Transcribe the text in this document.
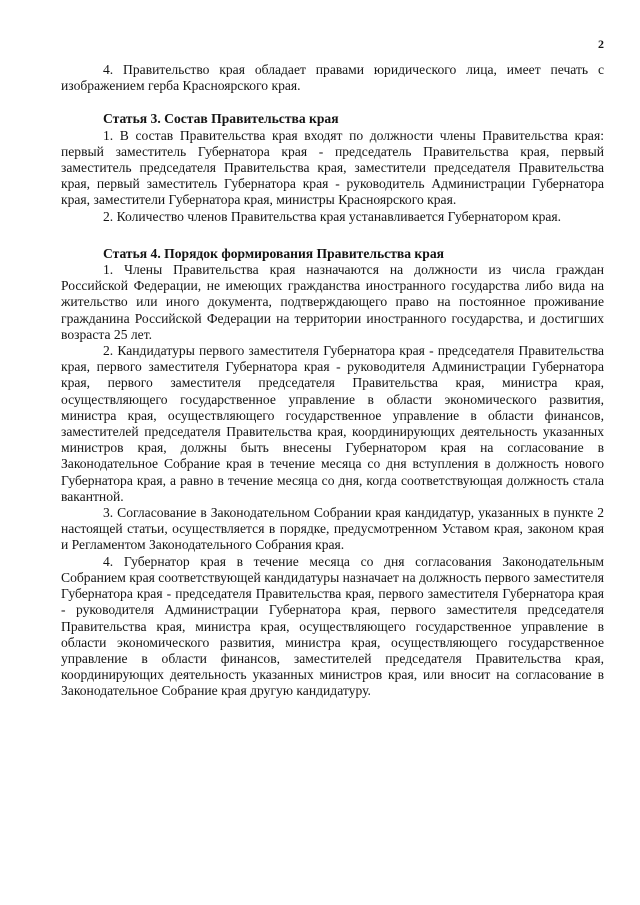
2

4. Правительство края обладает правами юридического лица, имеет печать с изображением герба Красноярского края.

Статья 3. Состав Правительства края

1. В состав Правительства края входят по должности члены Правительства края: первый заместитель Губернатора края - председатель Правительства края, первый заместитель председателя Правительства края, заместители председателя Правительства края, первый заместитель Губернатора края - руководитель Администрации Губернатора края, заместители Губернатора края, министры Красноярского края.

2. Количество членов Правительства края устанавливается Губернатором края.

Статья 4. Порядок формирования Правительства края

1. Члены Правительства края назначаются на должности из числа граждан Российской Федерации, не имеющих гражданства иностранного государства либо вида на жительство или иного документа, подтверждающего право на постоянное проживание гражданина Российской Федерации на территории иностранного государства, и достигших возраста 25 лет.

2. Кандидатуры первого заместителя Губернатора края - председателя Правительства края, первого заместителя Губернатора края - руководителя Администрации Губернатора края, первого заместителя председателя Правительства края, министра края, осуществляющего государственное управление в области экономического развития, министра края, осуществляющего государственное управление в области финансов, заместителей председателя Правительства края, координирующих деятельность указанных министров края, должны быть внесены Губернатором края на согласование в Законодательное Собрание края в течение месяца со дня вступления в должность нового Губернатора края, а равно в течение месяца со дня, когда соответствующая должность стала вакантной.

3. Согласование в Законодательном Собрании края кандидатур, указанных в пункте 2 настоящей статьи, осуществляется в порядке, предусмотренном Уставом края, законом края и Регламентом Законодательного Собрания края.

4. Губернатор края в течение месяца со дня согласования Законодательным Собранием края соответствующей кандидатуры назначает на должность первого заместителя Губернатора края - председателя Правительства края, первого заместителя Губернатора края - руководителя Администрации Губернатора края, первого заместителя председателя Правительства края, министра края, осуществляющего государственное управление в области экономического развития, министра края, осуществляющего государственное управление в области финансов, заместителей председателя Правительства края, координирующих деятельность указанных министров края, или вносит на согласование в Законодательное Собрание края другую кандидатуру.
